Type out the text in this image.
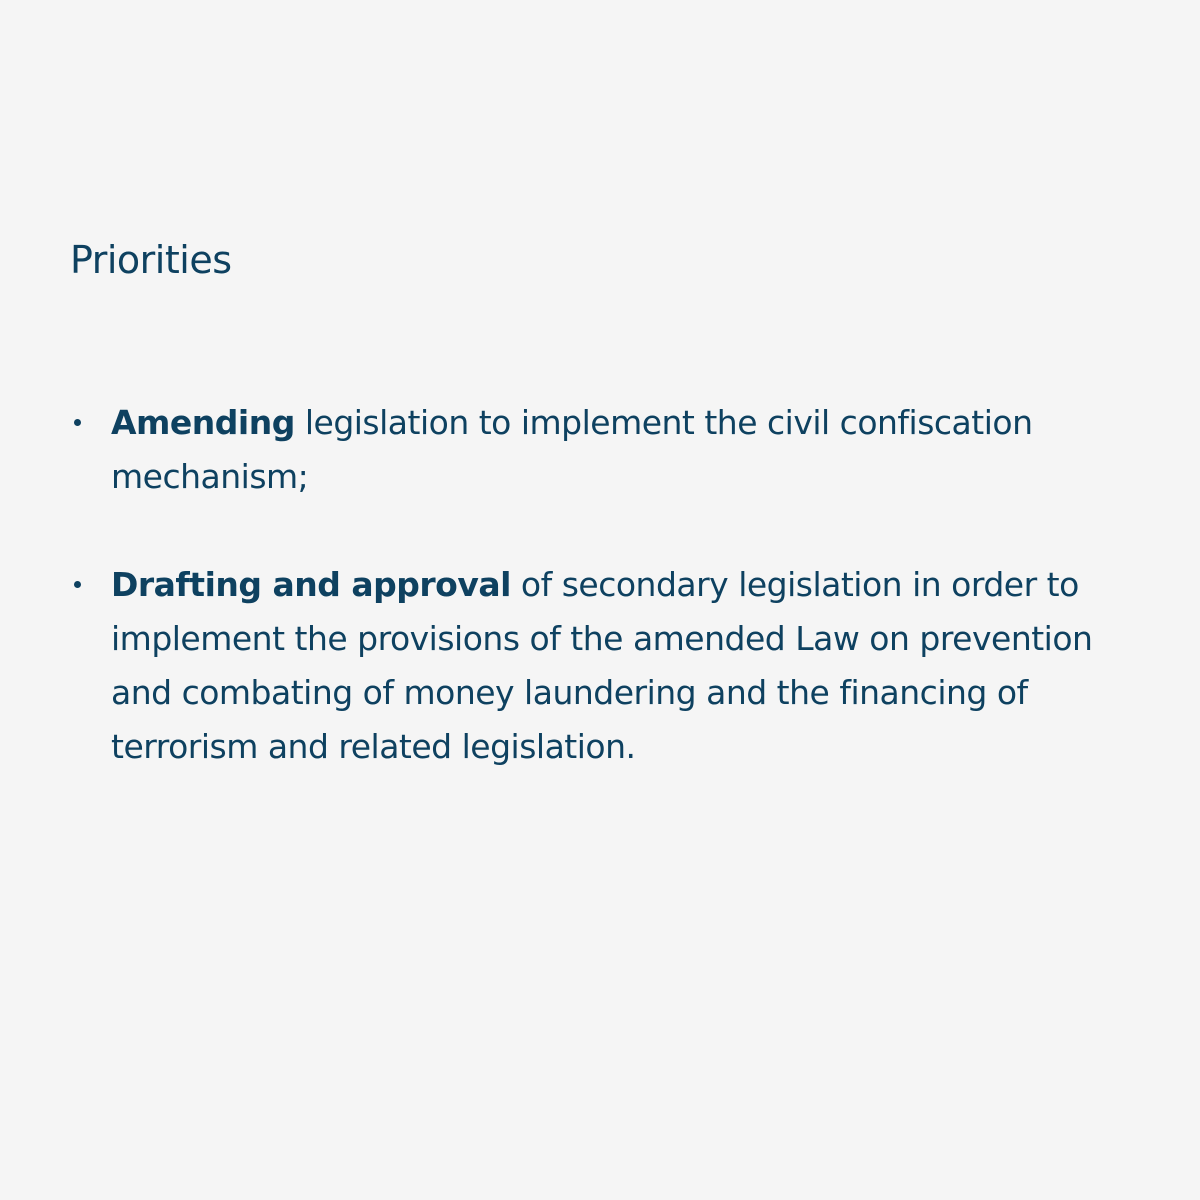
Priorities
Amending legislation to implement the civil confiscation mechanism;
Drafting and approval of secondary legislation in order to implement the provisions of the amended Law on prevention and combating of money laundering and the financing of terrorism and related legislation.
